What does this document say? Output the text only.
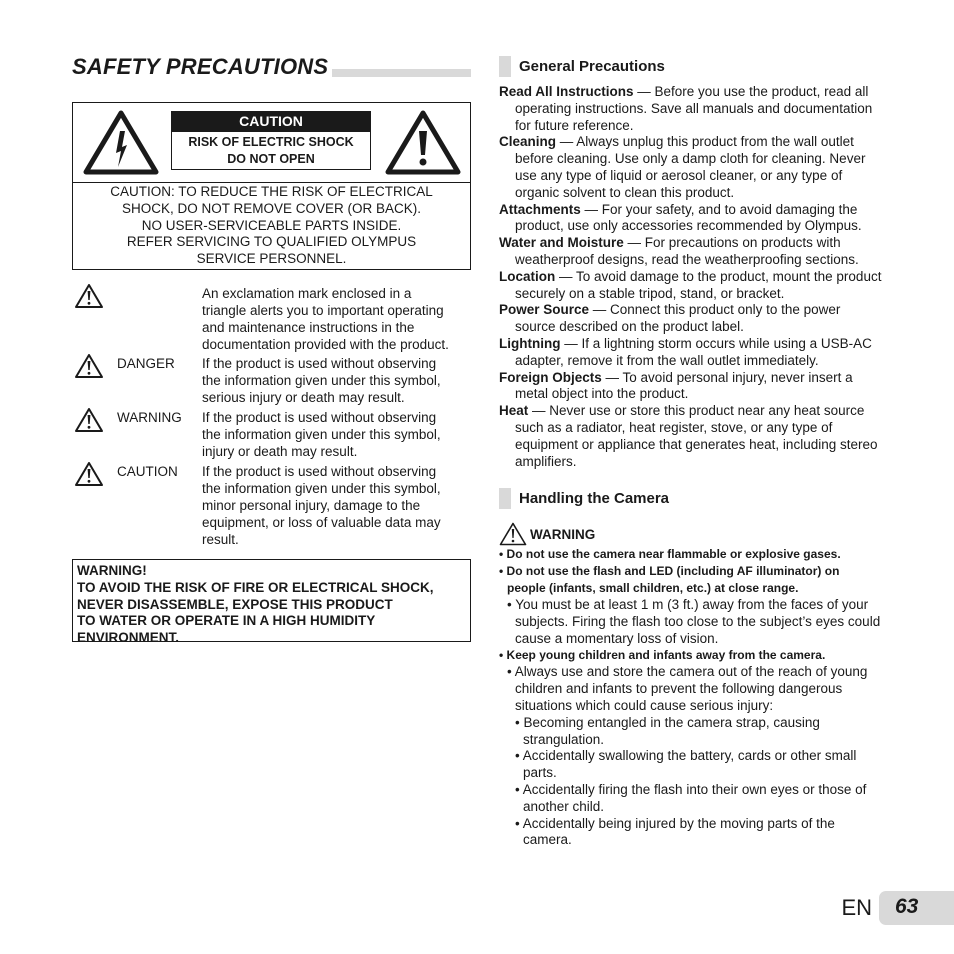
SAFETY PRECAUTIONS
CAUTION
RISK OF ELECTRIC SHOCK
DO NOT OPEN
CAUTION: TO REDUCE THE RISK OF ELECTRICAL
SHOCK, DO NOT REMOVE COVER (OR BACK).
NO USER-SERVICEABLE PARTS INSIDE.
REFER SERVICING TO QUALIFIED OLYMPUS
SERVICE PERSONNEL.
An exclamation mark enclosed in a
triangle alerts you to important operating
and maintenance instructions in the
documentation provided with the product.
DANGER If the product is used without observing
the information given under this symbol,
serious injury or death may result.
WARNING If the product is used without observing
the information given under this symbol,
injury or death may result.
CAUTION If the product is used without observing
the information given under this symbol,
minor personal injury, damage to the
equipment, or loss of valuable data may
result.
WARNING!
TO AVOID THE RISK OF FIRE OR ELECTRICAL SHOCK,
NEVER DISASSEMBLE, EXPOSE THIS PRODUCT
TO WATER OR OPERATE IN A HIGH HUMIDITY
ENVIRONMENT.
General Precautions
Read All Instructions — Before you use the product, read all
operating instructions. Save all manuals and documentation
for future reference.
Cleaning — Always unplug this product from the wall outlet
before cleaning. Use only a damp cloth for cleaning. Never
use any type of liquid or aerosol cleaner, or any type of
organic solvent to clean this product.
Attachments — For your safety, and to avoid damaging the
product, use only accessories recommended by Olympus.
Water and Moisture — For precautions on products with
weatherproof designs, read the weatherproofing sections.
Location — To avoid damage to the product, mount the product
securely on a stable tripod, stand, or bracket.
Power Source — Connect this product only to the power
source described on the product label.
Lightning — If a lightning storm occurs while using a USB-AC
adapter, remove it from the wall outlet immediately.
Foreign Objects — To avoid personal injury, never insert a
metal object into the product.
Heat — Never use or store this product near any heat source
such as a radiator, heat register, stove, or any type of
equipment or appliance that generates heat, including stereo
amplifiers.
Handling the Camera
WARNING
• Do not use the camera near flammable or explosive gases.
• Do not use the flash and LED (including AF illuminator) on
people (infants, small children, etc.) at close range.
• You must be at least 1 m (3 ft.) away from the faces of your
subjects. Firing the flash too close to the subject’s eyes could
cause a momentary loss of vision.
• Keep young children and infants away from the camera.
• Always use and store the camera out of the reach of young
children and infants to prevent the following dangerous
situations which could cause serious injury:
• Becoming entangled in the camera strap, causing
strangulation.
• Accidentally swallowing the battery, cards or other small
parts.
• Accidentally firing the flash into their own eyes or those of
another child.
• Accidentally being injured by the moving parts of the
camera.
EN 63
